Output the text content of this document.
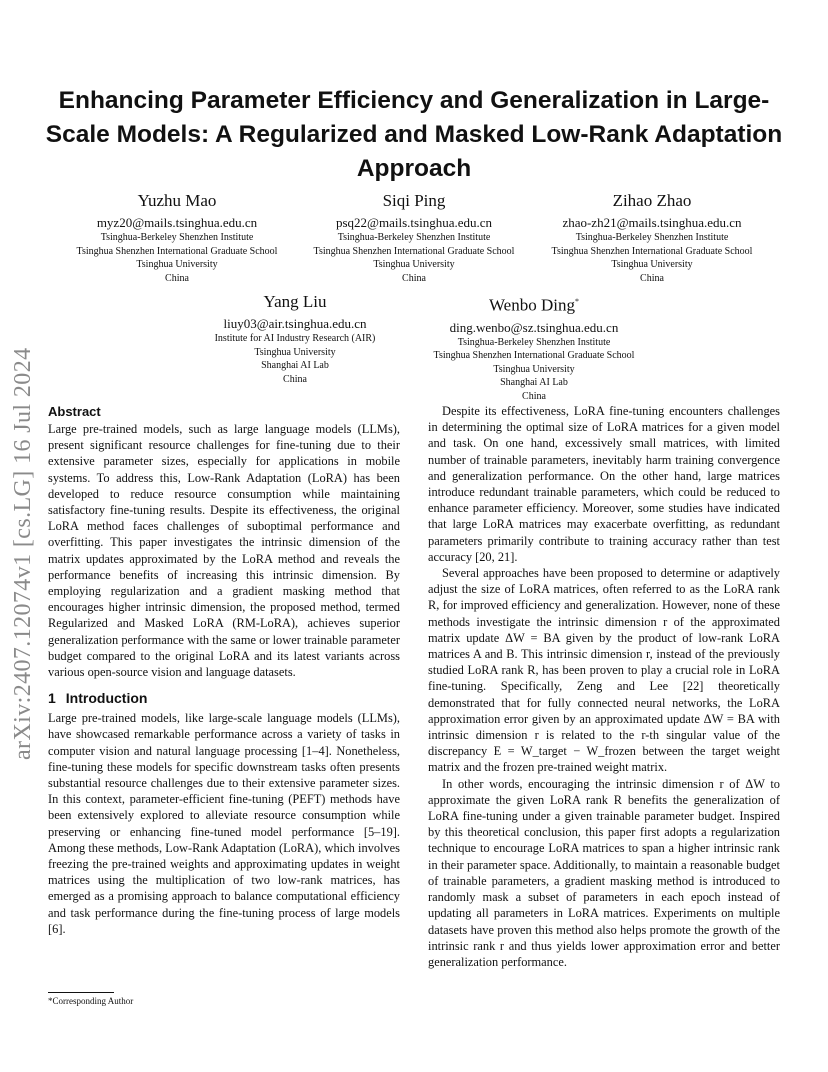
Enhancing Parameter Efficiency and Generalization in Large-Scale Models: A Regularized and Masked Low-Rank Adaptation Approach
Yuzhu Mao
myz20@mails.tsinghua.edu.cn
Tsinghua-Berkeley Shenzhen Institute
Tsinghua Shenzhen International Graduate School
Tsinghua University
China
Siqi Ping
psq22@mails.tsinghua.edu.cn
Tsinghua-Berkeley Shenzhen Institute
Tsinghua Shenzhen International Graduate School
Tsinghua University
China
Zihao Zhao
zhao-zh21@mails.tsinghua.edu.cn
Tsinghua-Berkeley Shenzhen Institute
Tsinghua Shenzhen International Graduate School
Tsinghua University
China
Yang Liu
liuy03@air.tsinghua.edu.cn
Institute for AI Industry Research (AIR)
Tsinghua University
Shanghai AI Lab
China
Wenbo Ding*
ding.wenbo@sz.tsinghua.edu.cn
Tsinghua-Berkeley Shenzhen Institute
Tsinghua Shenzhen International Graduate School
Tsinghua University
Shanghai AI Lab
China
arXiv:2407.12074v1 [cs.LG] 16 Jul 2024 Abstract

Large pre-trained models, such as large language models (LLMs), present significant resource challenges for fine-tuning due to their extensive parameter sizes, especially for applications in mobile systems. To address this, Low-Rank Adaptation (LoRA) has been developed to reduce resource consumption while maintaining satisfactory fine-tuning results. Despite its effectiveness, the original LoRA method faces challenges of suboptimal performance and overfitting. This paper investigates the intrinsic dimension of the matrix updates approximated by the LoRA method and reveals the performance benefits of increasing this intrinsic dimension. By employing regularization and a gradient masking method that encourages higher intrinsic dimension, the proposed method, termed Regularized and Masked LoRA (RM-LoRA), achieves superior generalization performance with the same or lower trainable parameter budget compared to the original LoRA and its latest variants across various open-source vision and language datasets.

1 Introduction

Large pre-trained models, like large-scale language models (LLMs), have showcased remarkable performance across a variety of tasks in computer vision and natural language processing [1–4]. Nonetheless, fine-tuning these models for specific downstream tasks often presents substantial resource challenges due to their extensive parameter sizes. In this context, parameter-efficient fine-tuning (PEFT) methods have been extensively explored to alleviate resource consumption while preserving or enhancing fine-tuned model performance [5–19]. Among these methods, Low-Rank Adaptation (LoRA), which involves freezing the pre-trained weights and approximating updates in weight matrices using the multiplication of two low-rank matrices, has emerged as a promising approach to balance computational efficiency and task performance during the fine-tuning process of large models [6].

Despite its effectiveness, LoRA fine-tuning encounters challenges in determining the optimal size of LoRA matrices for a given model and task. On one hand, excessively small matrices, with limited number of trainable parameters, inevitably harm training convergence and generalization performance. On the other hand, large matrices introduce redundant trainable parameters, which could be reduced to enhance parameter efficiency. Moreover, some studies have indicated that large LoRA matrices may exacerbate overfitting, as redundant parameters primarily contribute to training accuracy rather than test accuracy [20, 21].

Several approaches have been proposed to determine or adaptively adjust the size of LoRA matrices, often referred to as the LoRA rank R, for improved efficiency and generalization. However, none of these methods investigate the intrinsic dimension r of the approximated matrix update ΔW = BA given by the product of low-rank LoRA matrices A and B. This intrinsic dimension r, instead of the previously studied LoRA rank R, has been proven to play a crucial role in LoRA fine-tuning. Specifically, Zeng and Lee [22] theoretically demonstrated that for fully connected neural networks, the LoRA approximation error given by an approximated update ΔW = BA with intrinsic dimension r is related to the r-th singular value of the discrepancy E = W_target − W_frozen between the target weight matrix and the frozen pre-trained weight matrix.

In other words, encouraging the intrinsic dimension r of ΔW to approximate the given LoRA rank R benefits the generalization of LoRA fine-tuning under a given trainable parameter budget. Inspired by this theoretical conclusion, this paper first adopts a regularization technique to encourage LoRA matrices to span a higher intrinsic rank in their parameter space. Additionally, to maintain a reasonable budget of trainable parameters, a gradient masking method is introduced to randomly mask a subset of parameters in each epoch instead of updating all parameters in LoRA matrices. Experiments on multiple datasets have proven this method also helps promote the growth of the intrinsic rank r and thus yields lower approximation error and better generalization performance.

*Corresponding Author
